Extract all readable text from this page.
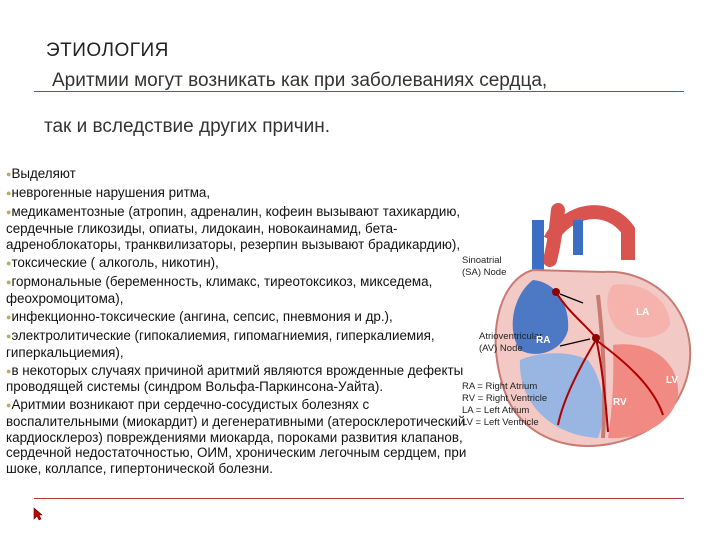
ЭТИОЛОГИЯ
Аритмии могут возникать как при заболеваниях сердца,
так и вследствие других причин.
●Выделяют
●невроrенные нарушения ритма,
●медикаментозные (атропин, адреналин, кофеин вызывают тахикардию, сердечные гликозиды, опиаты, лидокаин, новокаинамид, бета-адреноблокаторы, транквилизаторы, резерпин вызывают брадикардию),
●токсические ( алкоголь, никотин),
●гормональные (беременность, климакс, тиреотоксикоз, микседема, феохромоцитома),
●инфекционно-токсические (ангина, сепсис, пневмония и др.),
●электролитические (гипокалиемия, гипомагниемия, гиперкалиемия, гиперкальциемия),
●в некоторых случаях причиной аритмий являются врожденные дефекты проводящей системы (синдром Вольфа-Паркинсона-Уайта).
●Аритмии возникают при сердечно-сосудистых болезнях с воспалительными (миокардит) и дегенеративными (атеросклеротический кардиосклероз) повреждениями миокарда, пороками развития клапанов, сердечной недостаточностью, ОИМ, хроническим легочным сердцем, при шоке, коллапсе, гипертонической болезни.
Sinoatrial
(SA) Node
Atrioventricular
(AV) Node
LA
RA
LV
RV
RA = Right Atrium
RV = Right Ventricle
LA = Left Atrium
LV = Left Ventricle
